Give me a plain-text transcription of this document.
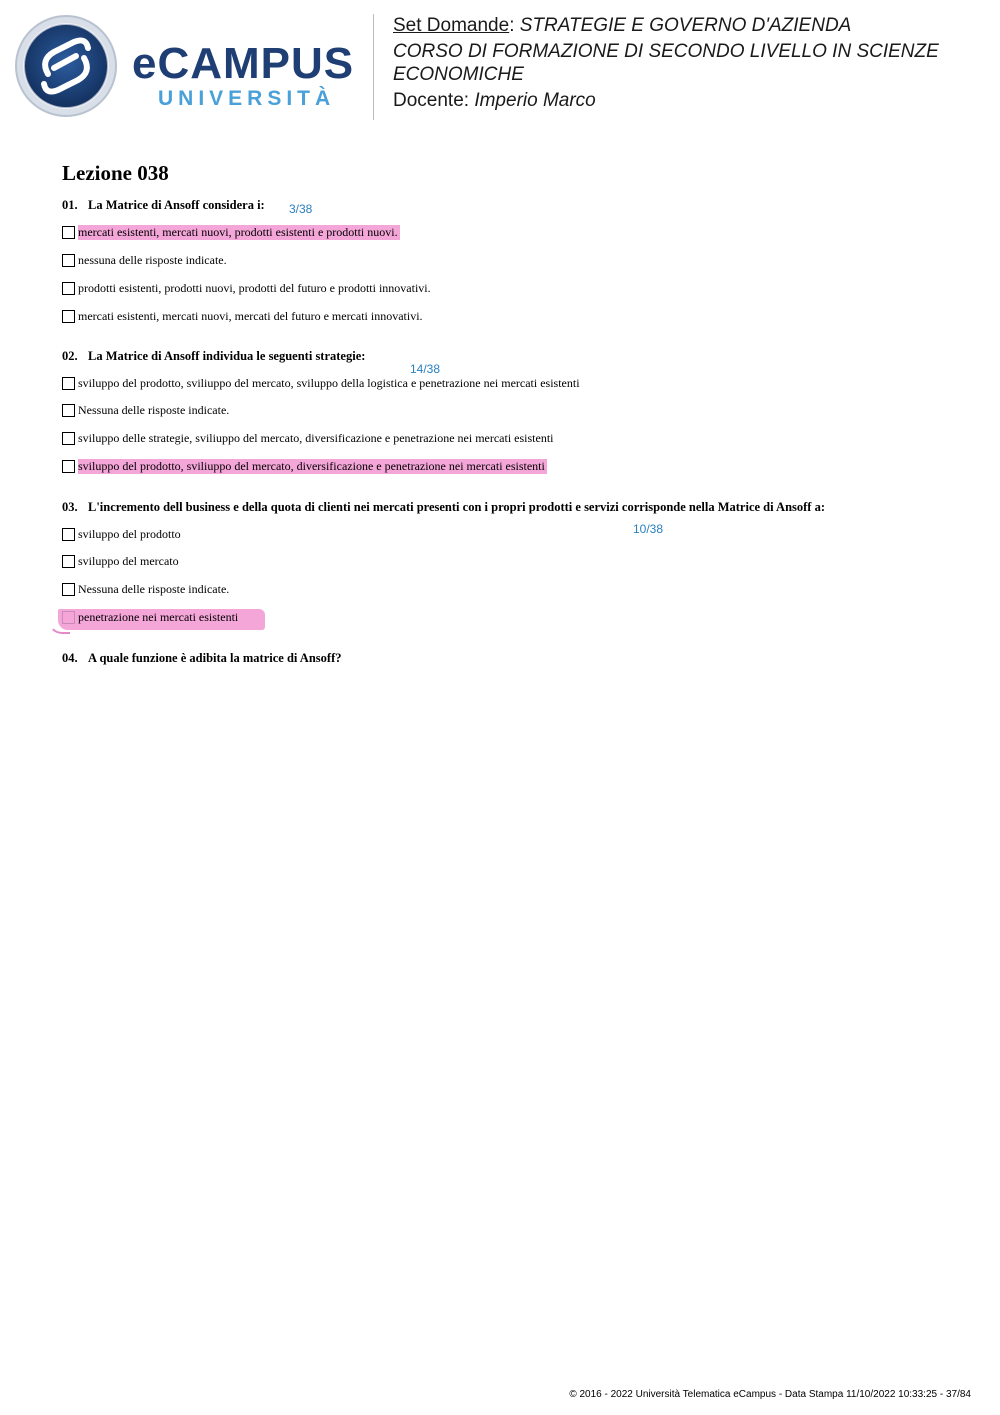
eCAMPUS
UNIVERSITÀ
Set Domande: STRATEGIE E GOVERNO D'AZIENDA
CORSO DI FORMAZIONE DI SECONDO LIVELLO IN SCIENZE ECONOMICHE
Docente: Imperio Marco
Lezione 038
01. La Matrice di Ansoff considera i: 3/38
mercati esistenti, mercati nuovi, prodotti esistenti e prodotti nuovi.
nessuna delle risposte indicate.
prodotti esistenti, prodotti nuovi, prodotti del futuro e prodotti innovativi.
mercati esistenti, mercati nuovi, mercati del futuro e mercati innovativi.
02. La Matrice di Ansoff individua le seguenti strategie:
14/38
sviluppo del prodotto, sviliuppo del mercato, sviluppo della logistica e penetrazione nei mercati esistenti
Nessuna delle risposte indicate.
sviluppo delle strategie, sviliuppo del mercato, diversificazione e penetrazione nei mercati esistenti
sviluppo del prodotto, sviliuppo del mercato, diversificazione e penetrazione nei mercati esistenti
03. L'incremento dell business e della quota di clienti nei mercati presenti con i propri prodotti e servizi corrisponde nella Matrice di Ansoff a:
10/38
sviluppo del prodotto
sviluppo del mercato
Nessuna delle risposte indicate.
penetrazione nei mercati esistenti
04. A quale funzione è adibita la matrice di Ansoff?
© 2016 - 2022 Università Telematica eCampus - Data Stampa 11/10/2022 10:33:25 - 37/84
